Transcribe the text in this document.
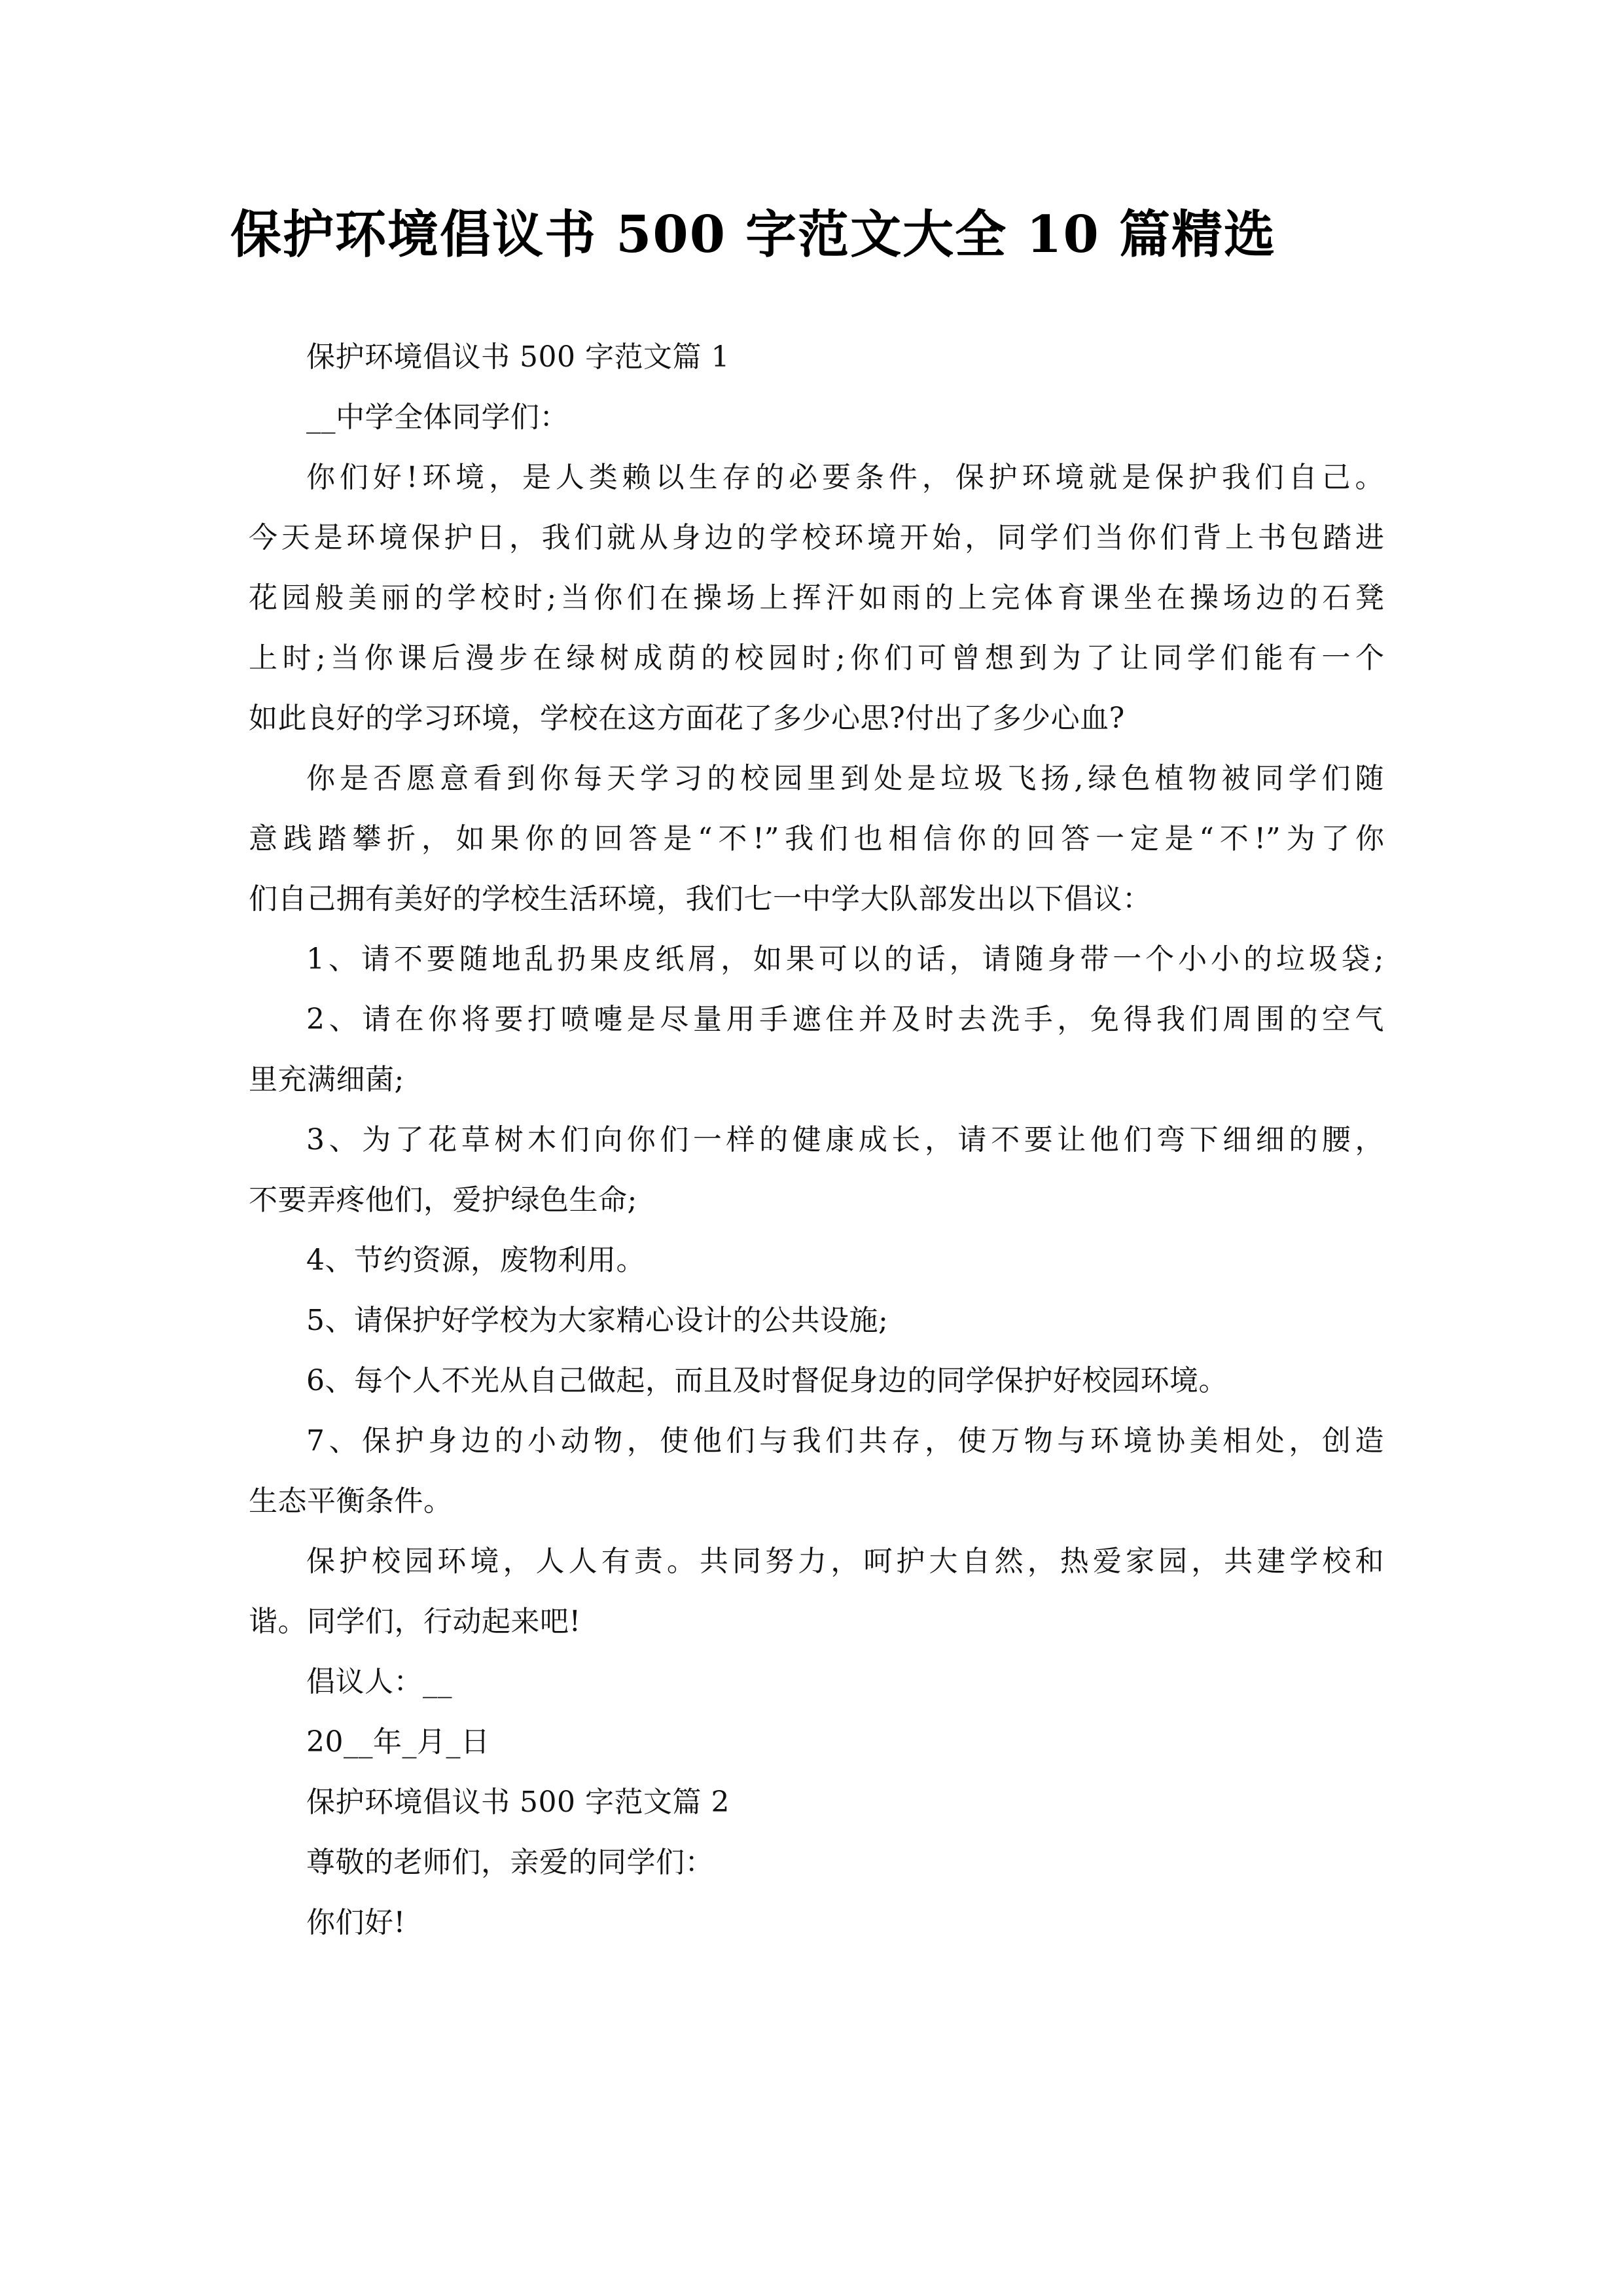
保护环境倡议书 500 字范文大全 10 篇精选
保护环境倡议书 500 字范文篇 1
__中学全体同学们：
你们好!环境，是人类赖以生存的必要条件，保护环境就是保护我们自己。
今天是环境保护日，我们就从身边的学校环境开始，同学们当你们背上书包踏进
花园般美丽的学校时;当你们在操场上挥汗如雨的上完体育课坐在操场边的石凳
上时;当你课后漫步在绿树成荫的校园时;你们可曾想到为了让同学们能有一个
如此良好的学习环境，学校在这方面花了多少心思?付出了多少心血?
你是否愿意看到你每天学习的校园里到处是垃圾飞扬,绿色植物被同学们随
意践踏攀折，如果你的回答是“不!”我们也相信你的回答一定是“不!”为了你
们自己拥有美好的学校生活环境，我们七一中学大队部发出以下倡议：
1、请不要随地乱扔果皮纸屑，如果可以的话，请随身带一个小小的垃圾袋;
2、请在你将要打喷嚏是尽量用手遮住并及时去洗手，免得我们周围的空气
里充满细菌;
3、为了花草树木们向你们一样的健康成长，请不要让他们弯下细细的腰，
不要弄疼他们，爱护绿色生命;
4、节约资源，废物利用。
5、请保护好学校为大家精心设计的公共设施;
6、每个人不光从自己做起，而且及时督促身边的同学保护好校园环境。
7、保护身边的小动物，使他们与我们共存，使万物与环境协美相处，创造
生态平衡条件。
保护校园环境，人人有责。共同努力，呵护大自然，热爱家园，共建学校和
谐。同学们，行动起来吧!
倡议人：__
20__年_月_日
保护环境倡议书 500 字范文篇 2
尊敬的老师们，亲爱的同学们：
你们好!
